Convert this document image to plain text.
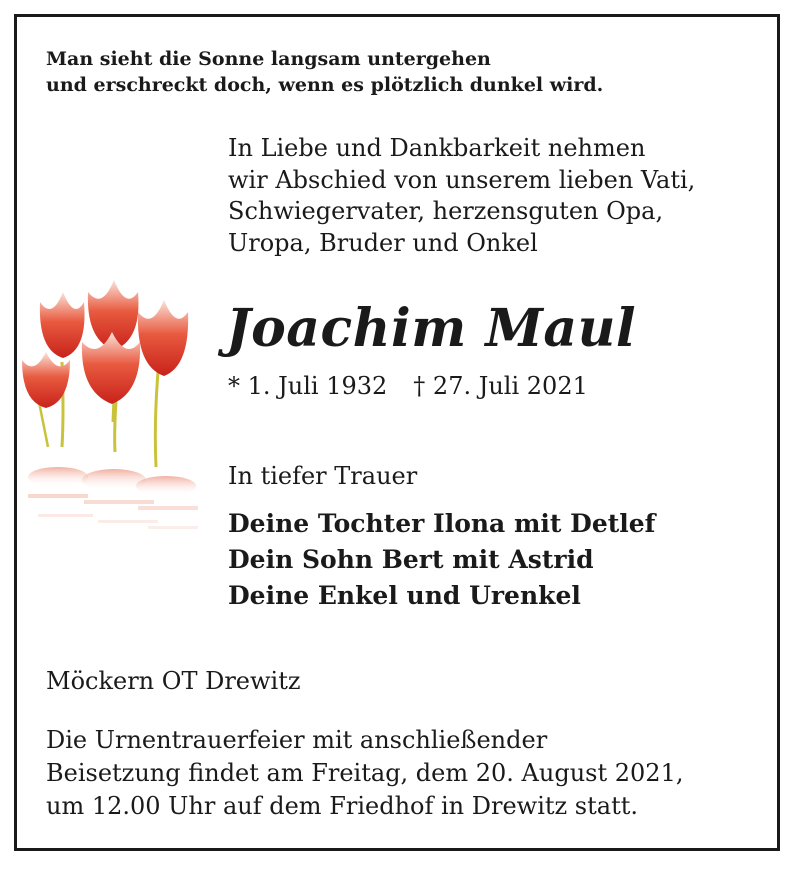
Man sieht die Sonne langsam untergehen
und erschreckt doch, wenn es plötzlich dunkel wird.
In Liebe und Dankbarkeit nehmen
wir Abschied von unserem lieben Vati,
Schwiegervater, herzensguten Opa,
Uropa, Bruder und Onkel
Joachim Maul
* 1. Juli 1932 † 27. Juli 2021
In tiefer Trauer
Deine Tochter Ilona mit Detlef
Dein Sohn Bert mit Astrid
Deine Enkel und Urenkel
Möckern OT Drewitz
Die Urnentrauerfeier mit anschließender
Beisetzung findet am Freitag, dem 20. August 2021,
um 12.00 Uhr auf dem Friedhof in Drewitz statt.
